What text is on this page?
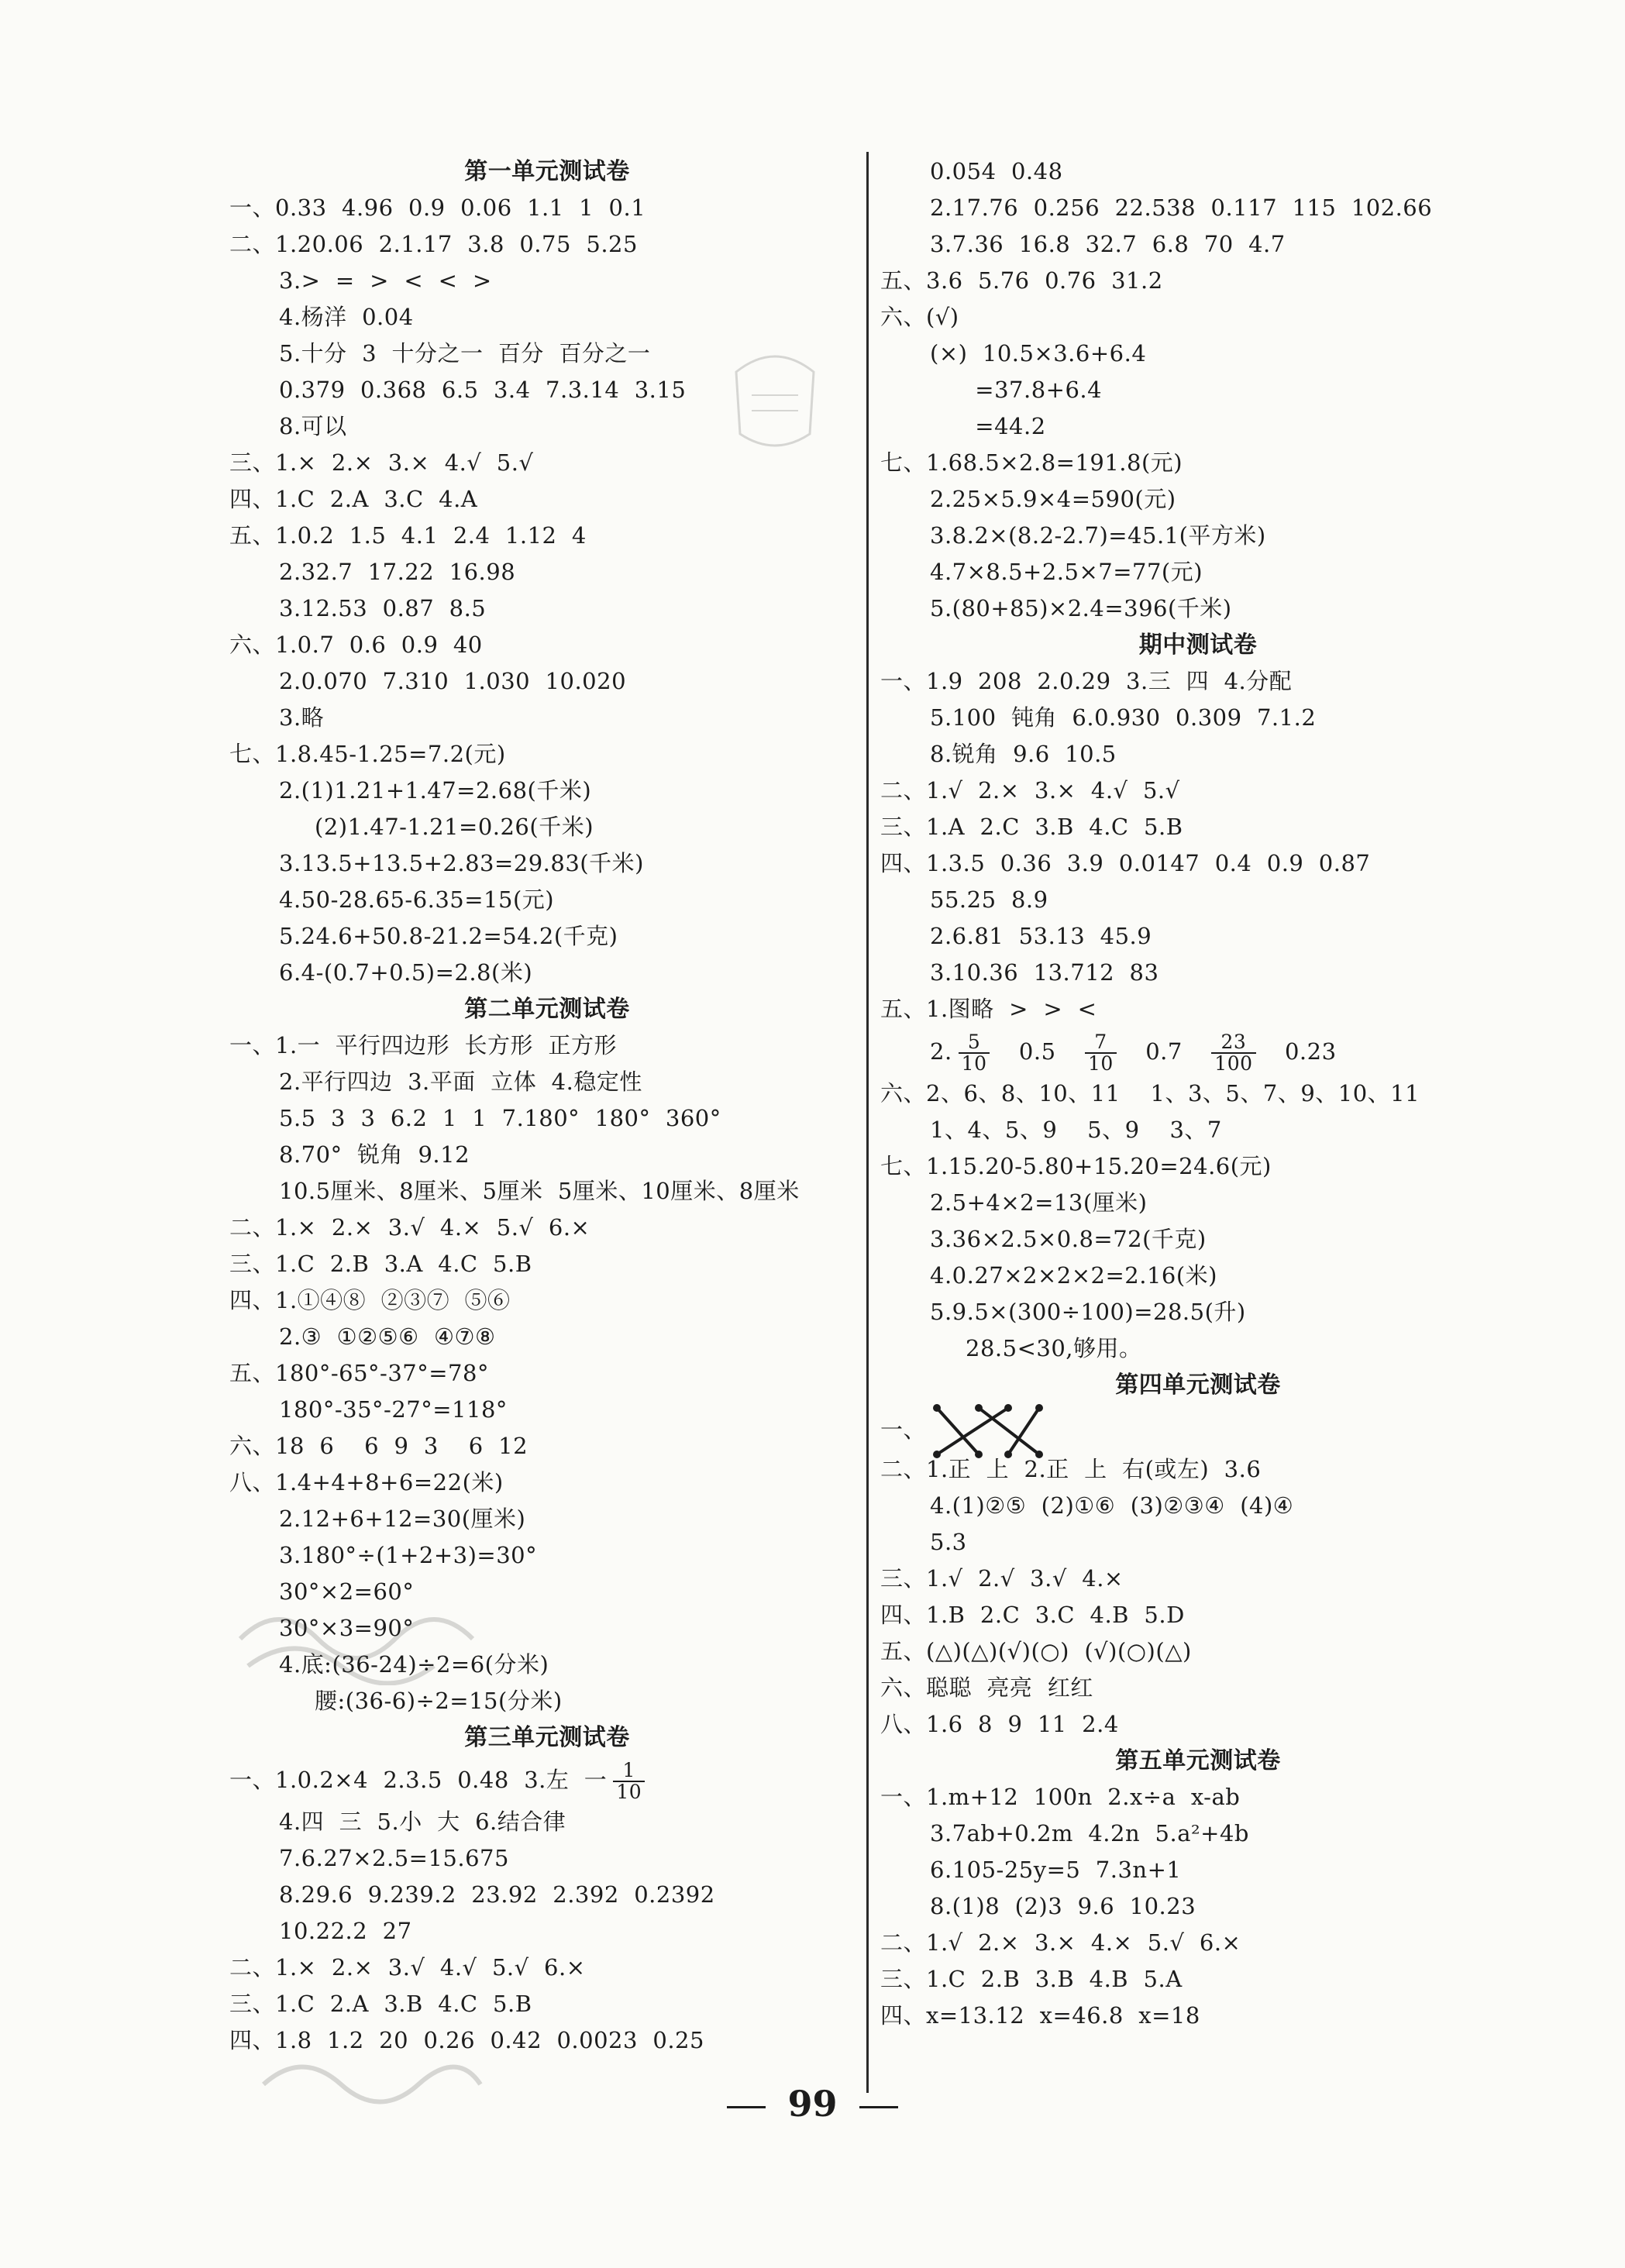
第一单元测试卷
一、0.33  4.96  0.9  0.06  1.1  1  0.1
二、1.20.06  2.1.17  3.8  0.75  5.25
3.>  =  >  <  <  >
4.杨洋  0.04
5.十分  3  十分之一  百分  百分之一
0.379  0.368  6.5  3.4  7.3.14  3.15
8.可以
三、1.×  2.×  3.×  4.√  5.√
四、1.C  2.A  3.C  4.A
五、1.0.2  1.5  4.1  2.4  1.12  4
2.32.7  17.22  16.98
3.12.53  0.87  8.5
六、1.0.7  0.6  0.9  40
2.0.070  7.310  1.030  10.020
3.略
七、1.8.45-1.25=7.2(元)
2.(1)1.21+1.47=2.68(千米)
(2)1.47-1.21=0.26(千米)
3.13.5+13.5+2.83=29.83(千米)
4.50-28.65-6.35=15(元)
5.24.6+50.8-21.2=54.2(千克)
6.4-(0.7+0.5)=2.8(米)
第二单元测试卷
一、1.一  平行四边形  长方形  正方形
2.平行四边  3.平面  立体  4.稳定性
5.5  3  3  6.2  1  1  7.180°  180°  360°
8.70°  锐角  9.12
10.5厘米、8厘米、5厘米  5厘米、10厘米、8厘米
二、1.×  2.×  3.√  4.×  5.√  6.×
三、1.C  2.B  3.A  4.C  5.B
四、1.①④⑧  ②③⑦  ⑤⑥
2.③  ①②⑤⑥  ④⑦⑧
五、180°-65°-37°=78°
180°-35°-27°=118°
六、18  6    6  9  3    6  12
八、1.4+4+8+6=22(米)
2.12+6+12=30(厘米)
3.180°÷(1+2+3)=30°
30°×2=60°
30°×3=90°
4.底:(36-24)÷2=6(分米)
腰:(36-6)÷2=15(分米)
第三单元测试卷
一、1.0.2×4  2.3.5  0.48  3.左  一 $\frac{1}{10}$
4.四  三  5.小  大  6.结合律
7.6.27×2.5=15.675
8.29.6  9.239.2  23.92  2.392  0.2392
10.22.2  27
二、1.×  2.×  3.√  4.√  5.√  6.×
三、1.C  2.A  3.B  4.C  5.B
四、1.8  1.2  20  0.26  0.42  0.0023  0.25
0.054  0.48
2.17.76  0.256  22.538  0.117  115  102.66
3.7.36  16.8  32.7  6.8  70  4.7
五、3.6  5.76  0.76  31.2
六、(√)
(×)  10.5×3.6+6.4
=37.8+6.4
=44.2
七、1.68.5×2.8=191.8(元)
2.25×5.9×4=590(元)
3.8.2×(8.2-2.7)=45.1(平方米)
4.7×8.5+2.5×7=77(元)
5.(80+85)×2.4=396(千米)
期中测试卷
一、1.9  208  2.0.29  3.三  四  4.分配
5.100  钝角  6.0.930  0.309  7.1.2
8.锐角  9.6  10.5
二、1.√  2.×  3.×  4.√  5.√
三、1.A  2.C  3.B  4.C  5.B
四、1.3.5  0.36  3.9  0.0147  0.4  0.9  0.87
55.25  8.9
2.6.81  53.13  45.9
3.10.36  13.712  83
五、1.图略  >  >  <
2. $\frac{5}{10} 0.5 \frac{7}{10} 0.7 \frac{23}{100} 0.23$
六、2、6、8、10、11    1、3、5、7、9、10、11
1、4、5、9    5、9    3、7
七、1.15.20-5.80+15.20=24.6(元)
2.5+4×2=13(厘米)
3.36×2.5×0.8=72(千克)
4.0.27×2×2×2=2.16(米)
5.9.5×(300÷100)=28.5(升)
28.5<30,够用。
第四单元测试卷
一、
二、1.正  上  2.正  上  右(或左)  3.6
4.(1)②⑤  (2)①⑥  (3)②③④  (4)④
5.3
三、1.√  2.√  3.√  4.×
四、1.B  2.C  3.C  4.B  5.D
五、(△)(△)(√)(○)  (√)(○)(△)
六、聪聪  亮亮  红红
八、1.6  8  9  11  2.4
第五单元测试卷
一、1.m+12  100n  2.x÷a  x-ab
3.7ab+0.2m  4.2n  5.a²+4b
6.105-25y=5  7.3n+1
8.(1)8  (2)3  9.6  10.23
二、1.√  2.×  3.×  4.×  5.√  6.×
三、1.C  2.B  3.B  4.B  5.A
四、x=13.12  x=46.8  x=18
99
